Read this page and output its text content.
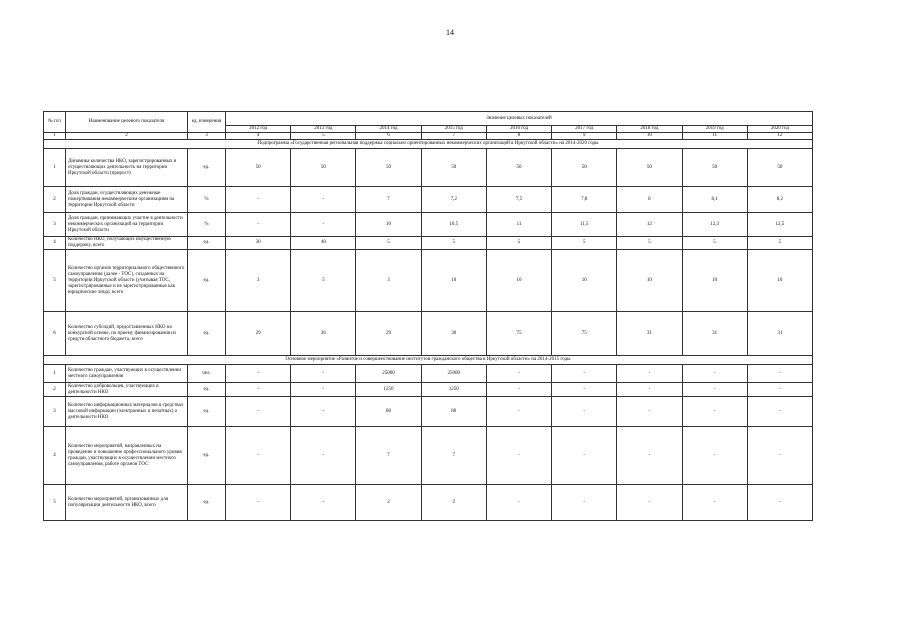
14
№ п/п	Наименование целевого показателя	ед. измерения	Значение целевых показателей								
			2012 год	2013 год	2014 год	2015 год	2016 год	2017 год	2018 год	2019 год	2020 год
1	2	3	4	5	6	7	8	9	10	11	12
Подпрограмма «Государственная региональная поддержка социально ориентированных некоммерческих организаций в Иркутской области» на 2014-2020 годы											
1	Динамика количества НКО, зарегистрированных и осуществляющих деятельность на территории Иркутской области (прирост)	ед.	50	50	50	50	50	50	50	50	50
2	Доля граждан, осуществляющих денежные пожертвования некоммерческим организациям на территории Иркутской области	%	-	-	7	7,2	7,5	7,8	8	8,1	8,2
3	Доля граждан, принимающих участие в деятельности некоммерческих организаций на территории Иркутской области	%	-	-	10	10,5	11	11,5	12	12,3	12,5
4	Количество НКО, получающих имущественную поддержку, всего	ед.	30	40	5	5	5	5	5	5	5
5	Количество органов территориального общественного самоуправления (далее - ТОС), созданных на территории Иркутской области (учитывая ТОС, зарегистрированные и не зарегистрированные как юридические лица), всего	ед.	3	5	3	10	10	10	10	10	10
6	Количество субсидий, предоставленных НКО на конкурсной основе, по приему финансирования из средств областного бюджета, всего	ед.	29	36	29	30	75	75	31	31	31
Основное мероприятие «Развитие и совершенствование институтов гражданского общества в Иркутской области» на 2014-2015 годы											
1	Количество граждан, участвующих в осуществлении местного самоуправления	чел.	-	-	25000	25000	-	-	-	-	-
2	Количество добровольцев, участвующих в деятельности НКО	ед.	-	-	1250	1250	-	-	-	-	-
3	Количество информационных материалов в средствах массовой информации (электронных и печатных) о деятельности НКО	ед.	-	-	80	80	-	-	-	-	-
4	Количество мероприятий, направленных на проведение и повышение профессионального уровня граждан, участвующих в осуществлении местного самоуправления, работе органов ТОС	ед.	-	-	7	7	-	-	-	-	-
5	Количество мероприятий, организованных для популяризации деятельности НКО, всего	ед.	-	-	2	2	-	-	-	-	-
